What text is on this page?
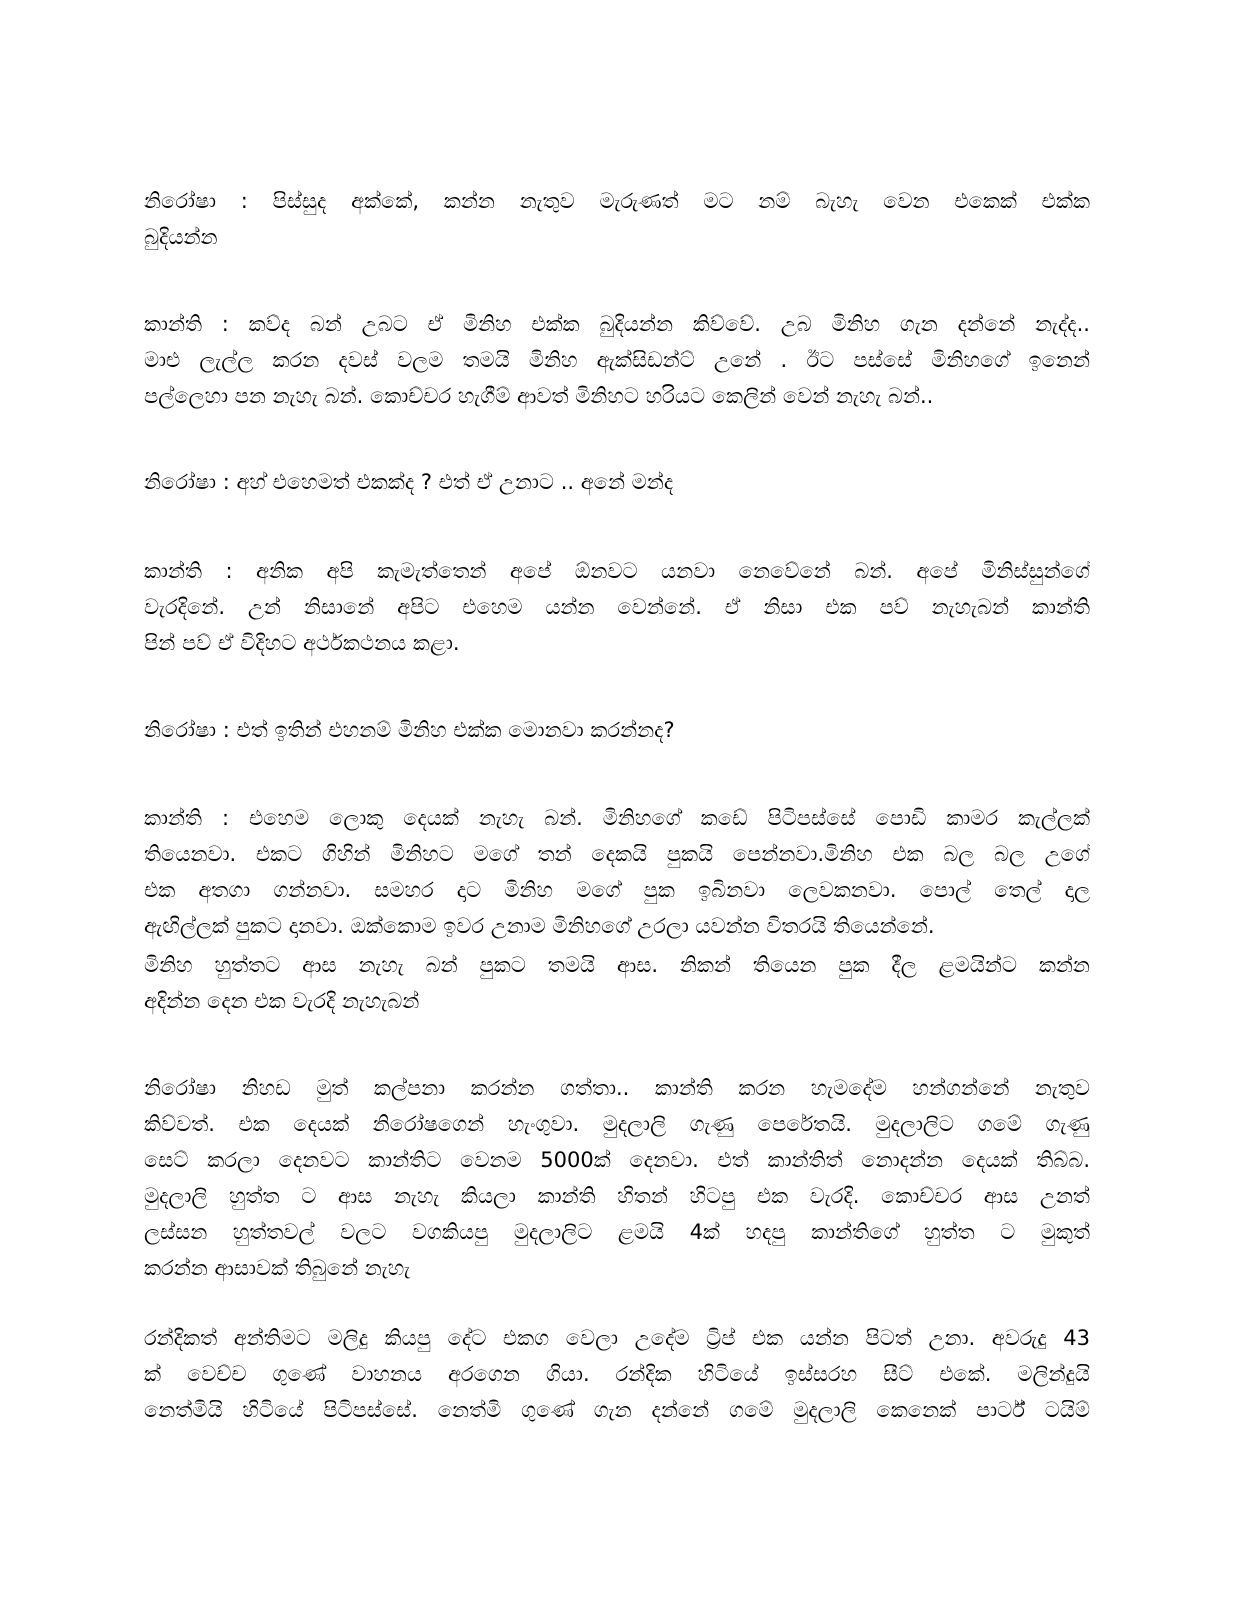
නිරෝෂා : පිස්සුද අක්කේ, කන්න නැතුව මැරුණත් මට නම් බැහැ වෙන එකෙක් එක්ක
බුදියන්න
කාන්ති : කව්ද බන් උබට ඒ මිනිහ එක්ක බුදියන්න කිව්වේ. උබ මිනිහ ගැන දන්නේ නැද්ද..
මාළු ලැල්ල කරන දවස් වලම තමයි මිනිහ ඇක්සිඩන්ට් උනේ . ඊට පස්සේ මිනිහගේ ඉනෙන්
පල්ලෙහා පන නැහැ බන්. කොච්චර හැගීම් ආවත් මිනිහට හරියට කෙලින් වෙන් නැහැ බන්..
නිරෝෂා : අහ් එහෙමත් එකක්ද ? එත් ඒ උනාට .. අනේ මන්ද
කාන්ති : අනික අපි කැමැත්තෙන් අපේ ඕනවට යනවා නෙවේනේ බන්. අපේ මිනිස්සුන්ගේ
වැරදිනේ. උන් නිසානේ අපිට එහෙම යන්න වෙන්නේ. ඒ නිසා එක පව් නැහැබන් කාන්ති
පින් පව් ඒ විදිහට අර්ථකථනය කළා.
නිරෝෂා : එත් ඉතින් එහනම් මිනිහ එක්ක මොනවා කරන්නද?
කාන්ති : එහෙම ලොකු දෙයක් නැහැ බන්. මිනිහගේ කඩේ පිටිපස්සේ පොඩි කාමර කැල්ලක්
තියෙනවා. එකට ගිහින් මිනිහට මගේ තන් දෙකයි පුකයි පෙන්නවා.මිනිහ එක බල බල උගේ
එක අතගා ගන්නවා. සමහර දාට මිනිහ මගේ පුක ඉබිනවා ලෙවකනවා. පොල් තෙල් දාල
ඇඟිල්ලක් පුකට දානවා. ඔක්කොම ඉවර උනාම මිනිහගේ උරලා යවන්න විතරයි තියෙන්නේ.
මිනිහ හුත්තට ආස නැහැ බන් පුකට තමයි ආස. නිකන් තියෙන පුක දීල ළමයින්ට කන්න
අදින්න දෙන එක වැරදි නැහැබන්
නිරෝෂා නිහඩ මුත් කල්පනා කරන්න ගත්තා.. කාන්ති කරන හැමදේම හන්ගන්නේ නැතුව
කිව්වත්. එක දෙයක් නිරෝෂගෙන් හැංගුවා. මුදලාලි ගැණු පෙරේතයි. මුදලාලිට ගමේ ගැණු
සෙට් කරලා දෙනවට කාන්තිට වෙනම 5000ක් දෙනවා. එත් කාන්තිත් නොදන්න දෙයක් තිබ්බ.
මුදලාලි හුත්ත ට ආස නැහැ කියලා කාන්ති හිතන් හිටපු එක වැරදි. කොච්චර ආස උනත්
ලස්සන හුත්තවල් වලට වගකියපු මුදලාලිට ළමයි 4ක් හදපු කාන්තිගේ හුත්ත ට මුකුත්
කරන්න ආසාවක් තිබුනේ නැහැ
රන්දිකත් අන්තිමට මලිදු කියපු දේට එකග වෙලා උදේම ට්‍රිප් එක යන්න පිටත් උනා. අවරුදු 43
ක් වෙච්ච ගුණේ වාහනය අරගෙන ගියා. රන්දික හිටියේ ඉස්සරහ සීට් එකේ. මලින්දුයි
නෙත්මියි හිටියේ පිටිපස්සේ. නෙත්මි ගුණේ ගැන දන්නේ ගමේ මුදලාලි කෙනෙක් පාර්ට් ටයිම්
